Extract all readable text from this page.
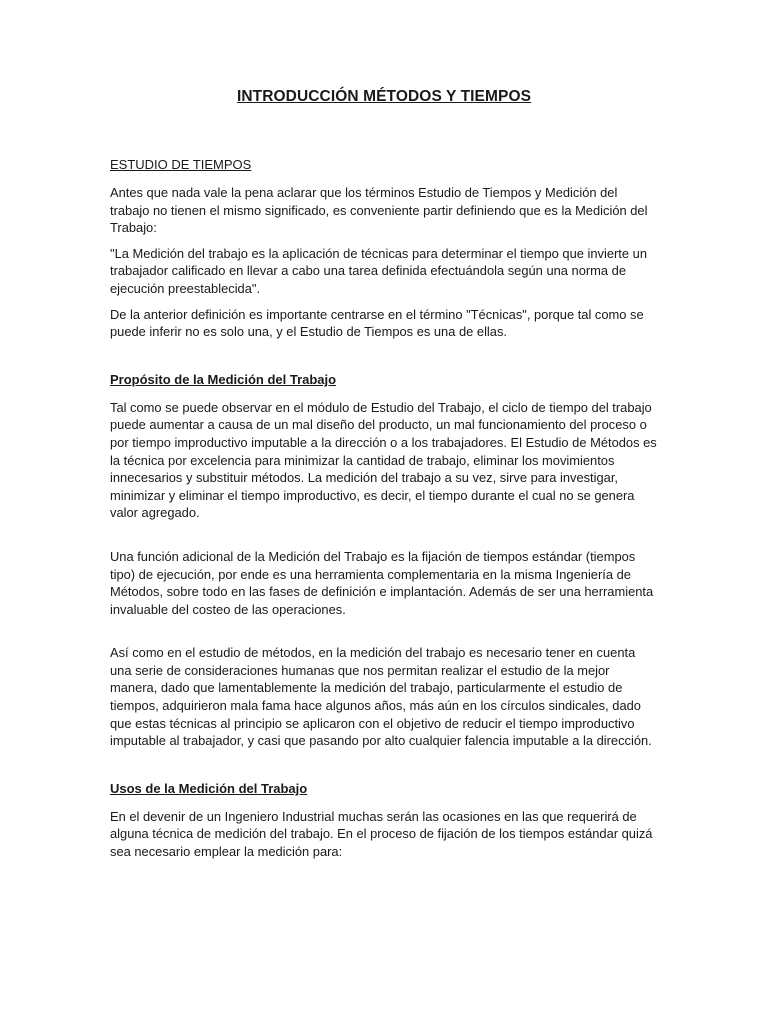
INTRODUCCIÓN MÉTODOS Y TIEMPOS
ESTUDIO DE TIEMPOS

Antes que nada vale la pena aclarar que los términos Estudio de Tiempos y Medición del trabajo no tienen el mismo significado, es conveniente partir definiendo que es la Medición del Trabajo:

"La Medición del trabajo es la aplicación de técnicas para determinar el tiempo que invierte un trabajador calificado en llevar a cabo una tarea definida efectuándola según una norma de ejecución preestablecida".

De la anterior definición es importante centrarse en el término "Técnicas", porque tal como se puede inferir no es solo una, y el Estudio de Tiempos es una de ellas.

Propósito de la Medición del Trabajo

Tal como se puede observar en el módulo de Estudio del Trabajo, el ciclo de tiempo del trabajo puede aumentar a causa de un mal diseño del producto, un mal funcionamiento del proceso o por tiempo improductivo imputable a la dirección o a los trabajadores. El Estudio de Métodos es la técnica por excelencia para minimizar la cantidad de trabajo, eliminar los movimientos innecesarios y substituir métodos. La medición del trabajo a su vez, sirve para investigar, minimizar y eliminar el tiempo improductivo, es decir, el tiempo durante el cual no se genera valor agregado.

Una función adicional de la Medición del Trabajo es la fijación de tiempos estándar (tiempos tipo) de ejecución, por ende es una herramienta complementaria en la misma Ingeniería de Métodos, sobre todo en las fases de definición e implantación. Además de ser una herramienta invaluable del costeo de las operaciones.

Así como en el estudio de métodos, en la medición del trabajo es necesario tener en cuenta una serie de consideraciones humanas que nos permitan realizar el estudio de la mejor manera, dado que lamentablemente la medición del trabajo, particularmente el estudio de tiempos, adquirieron mala fama hace algunos años, más aún en los círculos sindicales, dado que estas técnicas al principio se aplicaron con el objetivo de reducir el tiempo improductivo imputable al trabajador, y casi que pasando por alto cualquier falencia imputable a la dirección.

Usos de la Medición del Trabajo

En el devenir de un Ingeniero Industrial muchas serán las ocasiones en las que requerirá de alguna técnica de medición del trabajo. En el proceso de fijación de los tiempos estándar quizá sea necesario emplear la medición para:
